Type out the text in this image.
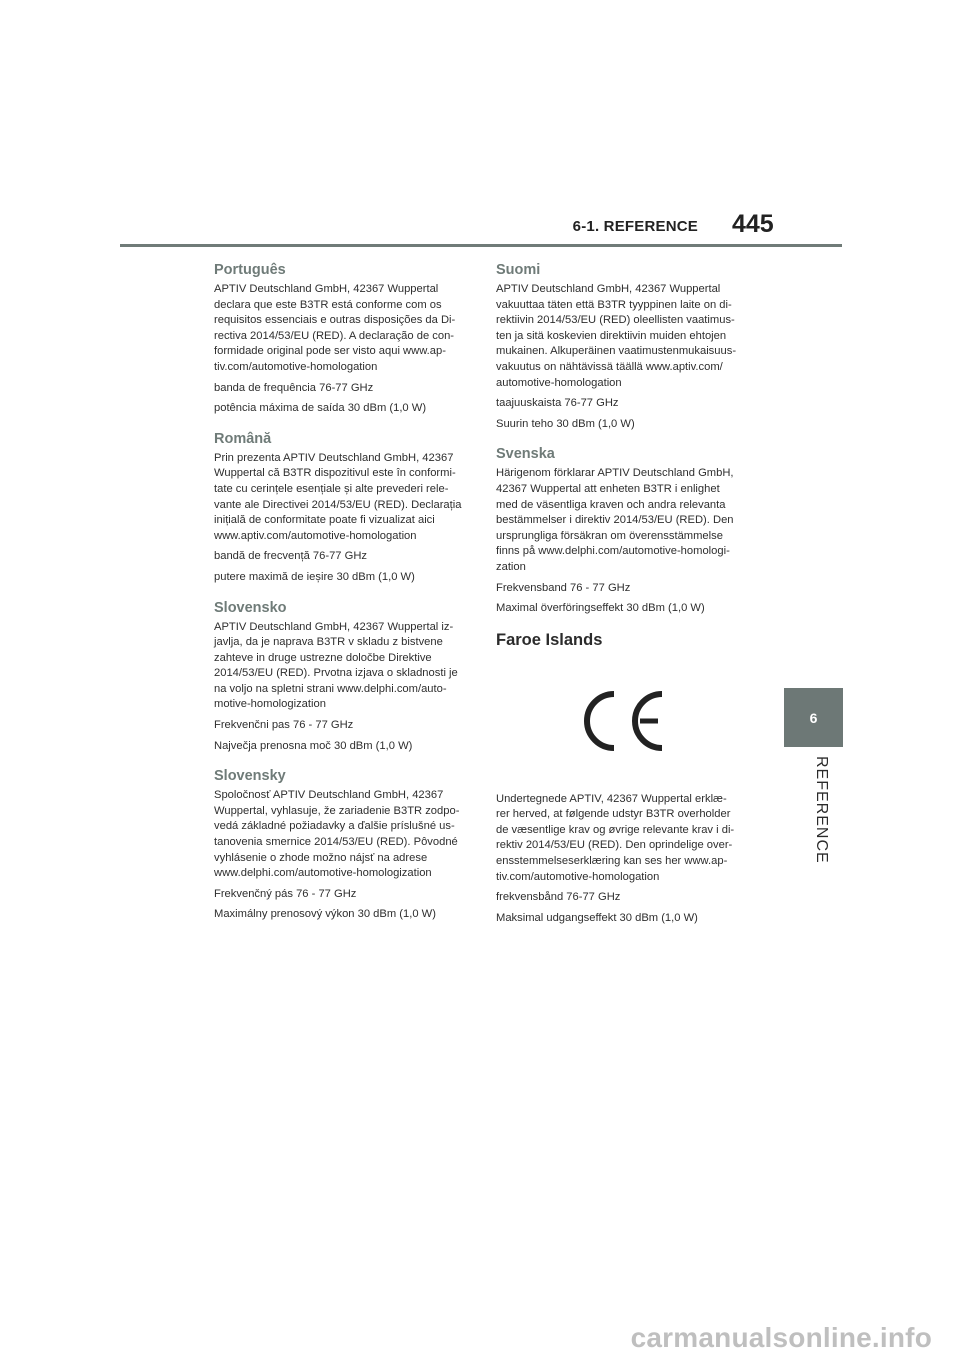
6-1. REFERENCE 445
Português

APTIV Deutschland GmbH, 42367 Wuppertal
declara que este B3TR está conforme com os
requisitos essenciais e outras disposições da Di-
rectiva 2014/53/EU (RED). A declaração de con-
formidade original pode ser visto aqui www.ap-
tiv.com/automotive-homologation

banda de frequência 76-77 GHz

potência máxima de saída 30 dBm (1,0 W)

Română

Prin prezenta APTIV Deutschland GmbH, 42367
Wuppertal că B3TR dispozitivul este în conformi-
tate cu cerințele esențiale și alte prevederi rele-
vante ale Directivei 2014/53/EU (RED). Declarația
inițială de conformitate poate fi vizualizat aici
www.aptiv.com/automotive-homologation

bandă de frecvență 76-77 GHz

putere maximă de ieșire 30 dBm (1,0 W)

Slovensko

APTIV Deutschland GmbH, 42367 Wuppertal iz-
javlja, da je naprava B3TR v skladu z bistvene
zahteve in druge ustrezne določbe Direktive
2014/53/EU (RED). Prvotna izjava o skladnosti je
na voljo na spletni strani www.delphi.com/auto-
motive-homologization

Frekvenčni pas 76 - 77 GHz

Največja prenosna moč 30 dBm (1,0 W)

Slovensky

Spoločnosť APTIV Deutschland GmbH, 42367
Wuppertal, vyhlasuje, že zariadenie B3TR zodpo-
vedá základné požiadavky a ďalšie príslušné us-
tanovenia smernice 2014/53/EU (RED). Pôvodné
vyhlásenie o zhode možno nájsť na adrese
www.delphi.com/automotive-homologization

Frekvenčný pás 76 - 77 GHz

Maximálny prenosový výkon 30 dBm (1,0 W)

Suomi

APTIV Deutschland GmbH, 42367 Wuppertal
vakuuttaa täten että B3TR tyyppinen laite on di-
rektiivin 2014/53/EU (RED) oleellisten vaatimus-
ten ja sitä koskevien direktiivin muiden ehtojen
mukainen. Alkuperäinen vaatimustenmukaisuus-
vakuutus on nähtävissä täällä www.aptiv.com/
automotive-homologation

taajuuskaista 76-77 GHz

Suurin teho 30 dBm (1,0 W)

Svenska

Härigenom förklarar APTIV Deutschland GmbH,
42367 Wuppertal att enheten B3TR i enlighet
med de väsentliga kraven och andra relevanta
bestämmelser i direktiv 2014/53/EU (RED). Den
ursprungliga försäkran om överensstämmelse
finns på www.delphi.com/automotive-homologi-
zation

Frekvensband 76 - 77 GHz

Maximal överföringseffekt 30 dBm (1,0 W)

Faroe Islands

Undertegnede APTIV, 42367 Wuppertal erklæ-
rer herved, at følgende udstyr B3TR overholder
de væsentlige krav og øvrige relevante krav i di-
rektiv 2014/53/EU (RED). Den oprindelige over-
ensstemmelseserklæring kan ses her www.ap-
tiv.com/automotive-homologation

frekvensbånd 76-77 GHz

Maksimal udgangseffekt 30 dBm (1,0 W)

6
REFERENCE
carmanualsonline.info
